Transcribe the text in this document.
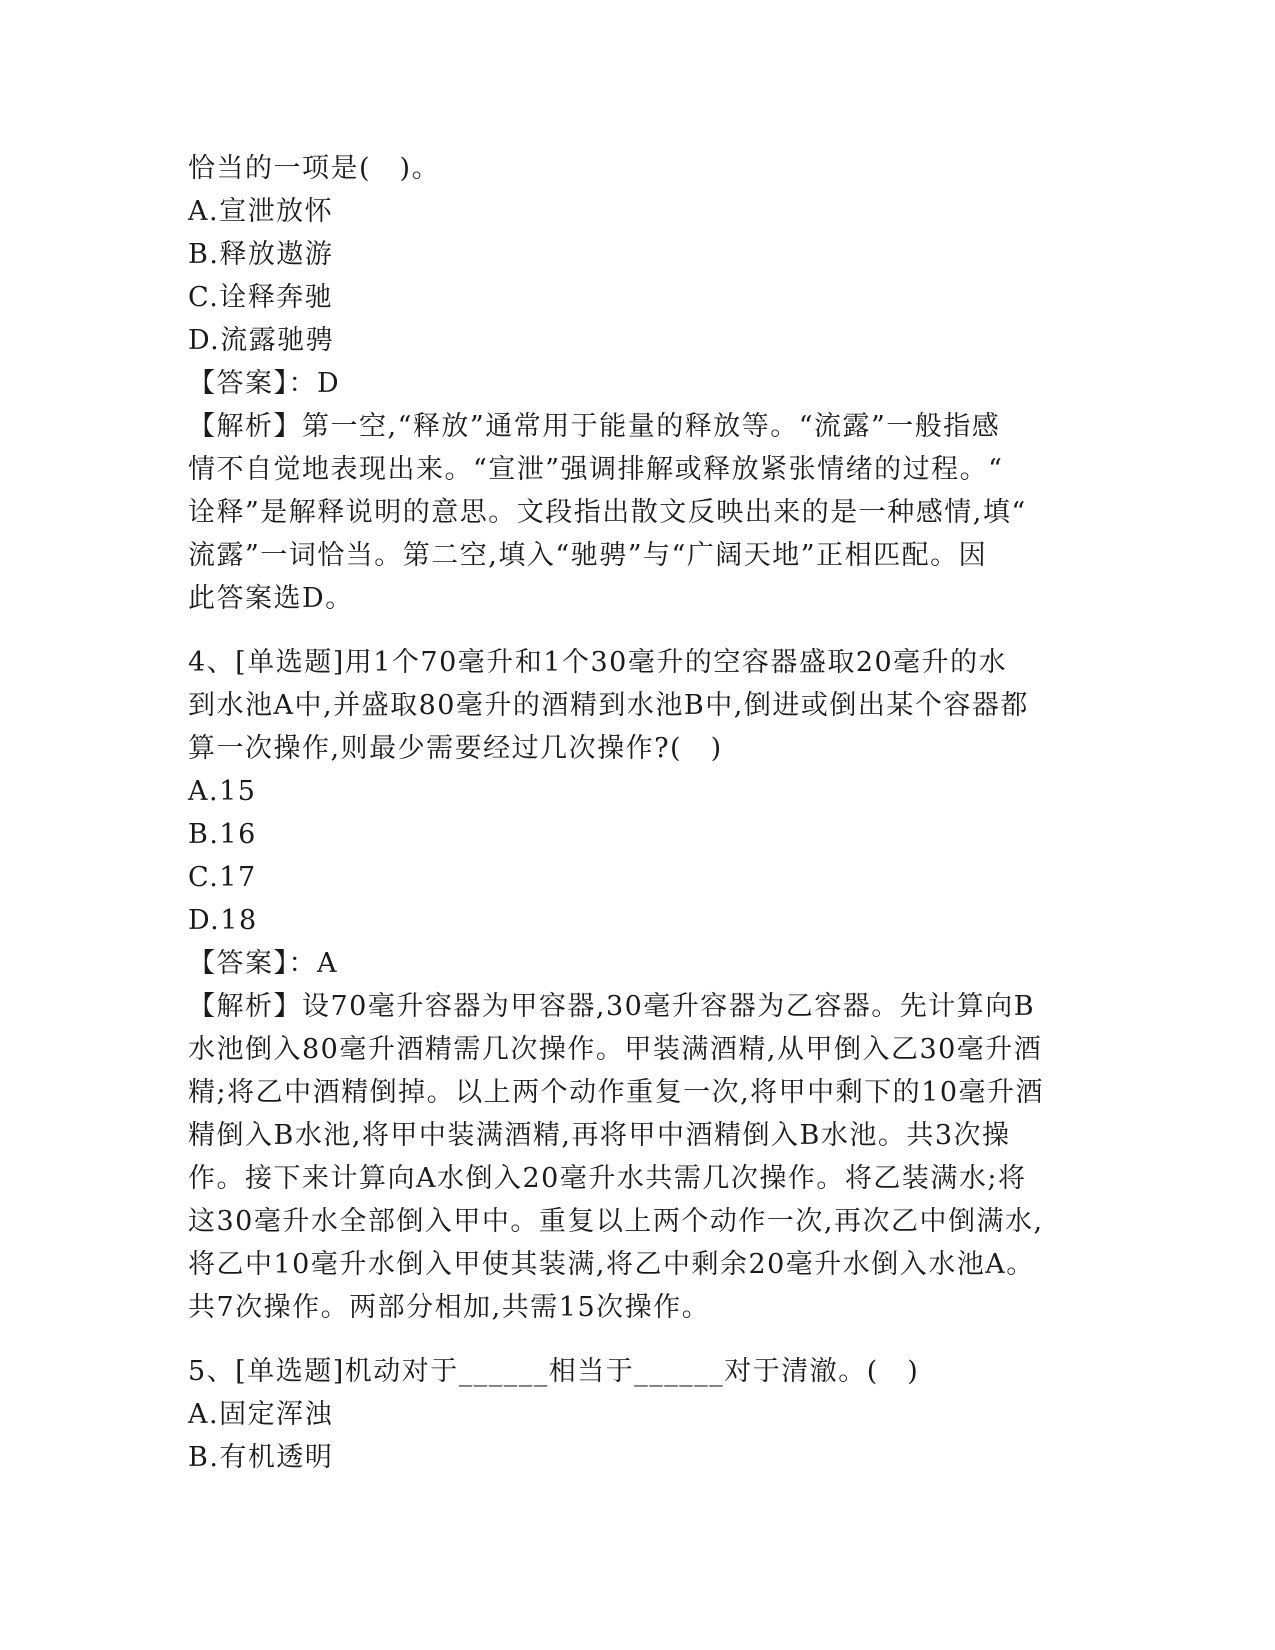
恰当的一项是(　)。
A.宣泄放怀
B.释放遨游
C.诠释奔驰
D.流露驰骋
【答案】：D
【解析】第一空,“释放”通常用于能量的释放等。“流露”一般指感
情不自觉地表现出来。“宣泄”强调排解或释放紧张情绪的过程。“
诠释”是解释说明的意思。文段指出散文反映出来的是一种感情,填“
流露”一词恰当。第二空,填入“驰骋”与“广阔天地”正相匹配。因
此答案选D。
4、[单选题]用1个70毫升和1个30毫升的空容器盛取20毫升的水
到水池A中,并盛取80毫升的酒精到水池B中,倒进或倒出某个容器都
算一次操作,则最少需要经过几次操作?(　)
A.15
B.16
C.17
D.18
【答案】：A
【解析】设70毫升容器为甲容器,30毫升容器为乙容器。先计算向B
水池倒入80毫升酒精需几次操作。甲装满酒精,从甲倒入乙30毫升酒
精;将乙中酒精倒掉。以上两个动作重复一次,将甲中剩下的10毫升酒
精倒入B水池,将甲中装满酒精,再将甲中酒精倒入B水池。共3次操
作。接下来计算向A水倒入20毫升水共需几次操作。将乙装满水;将
这30毫升水全部倒入甲中。重复以上两个动作一次,再次乙中倒满水,
将乙中10毫升水倒入甲使其装满,将乙中剩余20毫升水倒入水池A。
共7次操作。两部分相加,共需15次操作。
5、[单选题]机动对于______相当于______对于清澈。(　)
A.固定浑浊
B.有机透明
